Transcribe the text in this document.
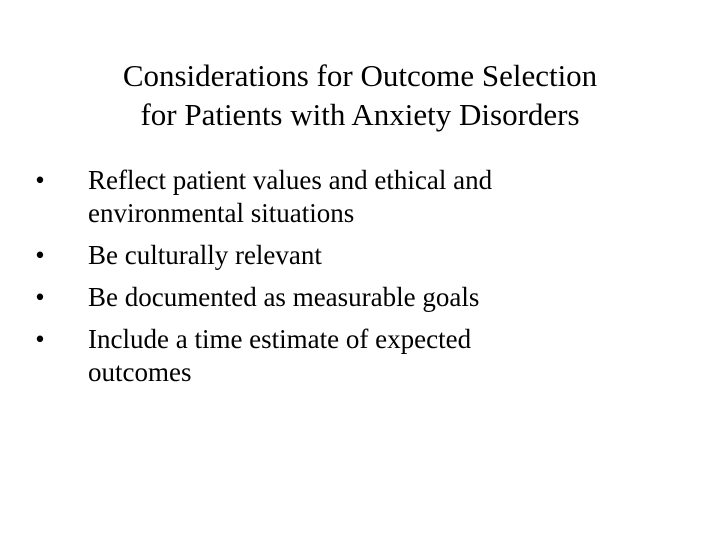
Considerations for Outcome Selection
for Patients with Anxiety Disorders
• Reflect patient values and ethical and
environmental situations
• Be culturally relevant
• Be documented as measurable goals
• Include a time estimate of expected
outcomes
